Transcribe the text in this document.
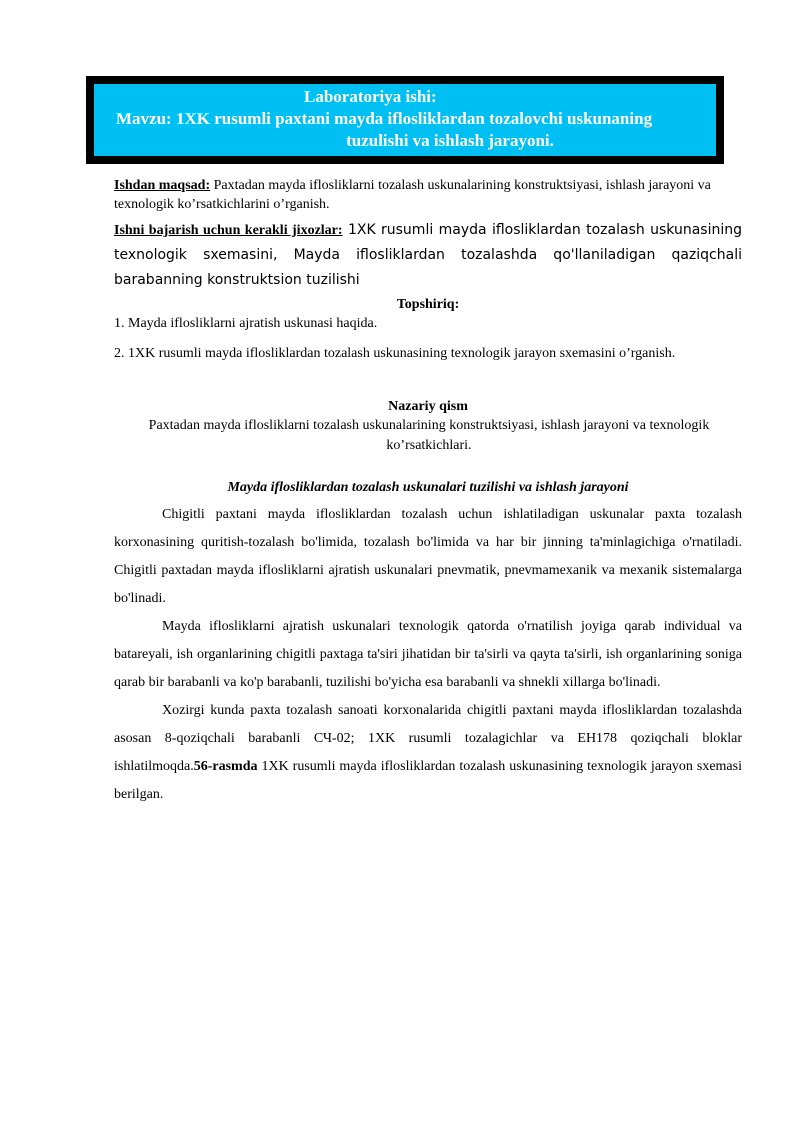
Laboratoriya ishi:
Mavzu: 1XK rusumli paxtani mayda iflosliklardan tozalovchi uskunaning
tuzulishi va ishlash jarayoni.
Ishdan maqsad: Paxtadan mayda iflosliklarni tozalash uskunalarining konstruktsiyasi, ishlash jarayoni va texnologik ko’rsatkichlarini o’rganish.
Ishni bajarish uchun kerakli jixozlar: 1XK rusumli mayda iflosliklardan tozalash uskunasining texnologik sxemasini, Mayda iflosliklardan tozalashda qo'llaniladigan qaziqchali barabanning konstruktsion tuzilishi
Topshiriq:
1. Mayda iflosliklarni ajratish uskunasi haqida.
2. 1XK rusumli mayda iflosliklardan tozalash uskunasining texnologik jarayon sxemasini o’rganish.
Nazariy qism
Paxtadan mayda iflosliklarni tozalash uskunalarining konstruktsiyasi, ishlash jarayoni va texnologik ko’rsatkichlari.
Mayda iflosliklardan tozalash uskunalari tuzilishi va ishlash jarayoni

Chigitli paxtani mayda iflosliklardan tozalash uchun ishlatiladigan uskunalar paxta tozalash korxonasining quritish-tozalash bo'limida, tozalash bo'limida va har bir jinning ta'minlagichiga o'rnatiladi. Chigitli paxtadan mayda iflosliklarni ajratish uskunalari pnevmatik, pnevmamexanik va mexanik sistemalarga bo'linadi.

Mayda iflosliklarni ajratish uskunalari texnologik qatorda o'rnatilish joyiga qarab individual va batareyali, ish organlarining chigitli paxtaga ta'siri jihatidan bir ta'sirli va qayta ta'sirli, ish organlarining soniga qarab bir barabanli va ko'p barabanli, tuzilishi bo'yicha esa barabanli va shnekli xillarga bo'linadi.

Xozirgi kunda paxta tozalash sanoati korxonalarida chigitli paxtani mayda iflosliklardan tozalashda asosan 8-qoziqchali barabanli СЧ-02; 1XK rusumli tozalagichlar va EH178 qoziqchali bloklar ishlatilmoqda.56-rasmda 1XK rusumli mayda iflosliklardan tozalash uskunasining texnologik jarayon sxemasi berilgan.
